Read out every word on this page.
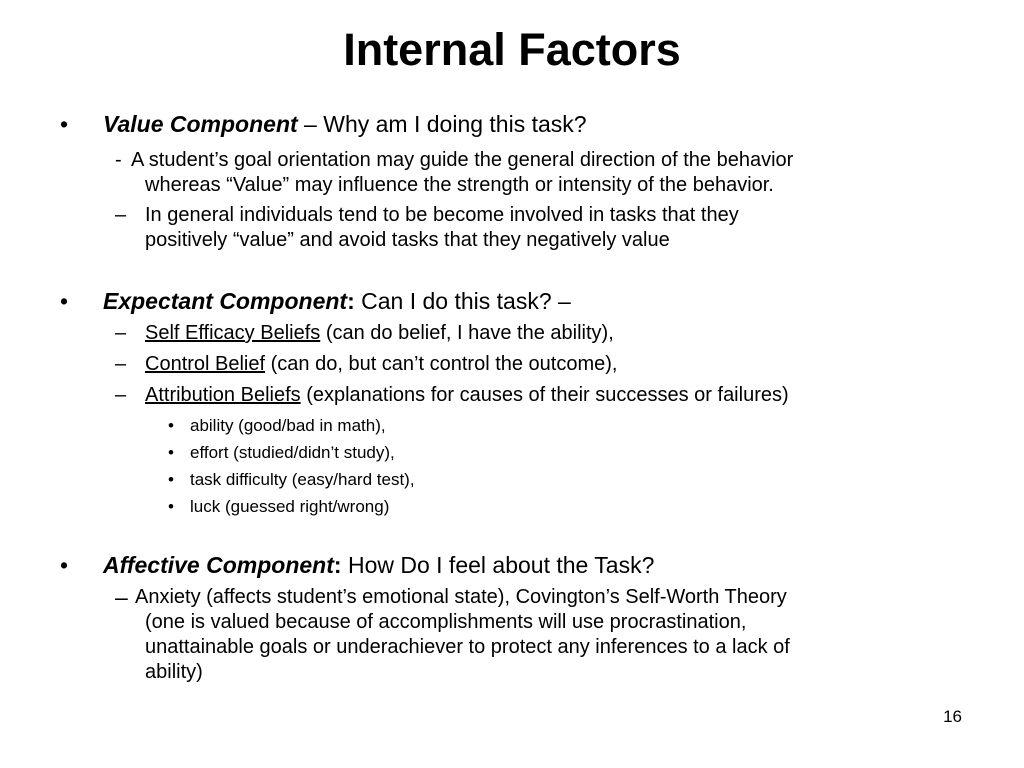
Internal Factors
• Value Component – Why am I doing this task?
- A student’s goal orientation may guide the general direction of the behavior
whereas “Value” may influence the strength or intensity of the behavior.
– In general individuals tend to be become involved in tasks that they
positively “value” and avoid tasks that they negatively value
• Expectant Component: Can I do this task? –
– Self Efficacy Beliefs (can do belief, I have the ability),
– Control Belief (can do, but can’t control the outcome),
– Attribution Beliefs (explanations for causes of their successes or failures)
• ability (good/bad in math),
• effort (studied/didn’t study),
• task difficulty (easy/hard test),
• luck (guessed right/wrong)
• Affective Component: How Do I feel about the Task?
– Anxiety (affects student’s emotional state), Covington’s Self-Worth Theory
(one is valued because of accomplishments will use procrastination,
unattainable goals or underachiever to protect any inferences to a lack of
ability)
16
